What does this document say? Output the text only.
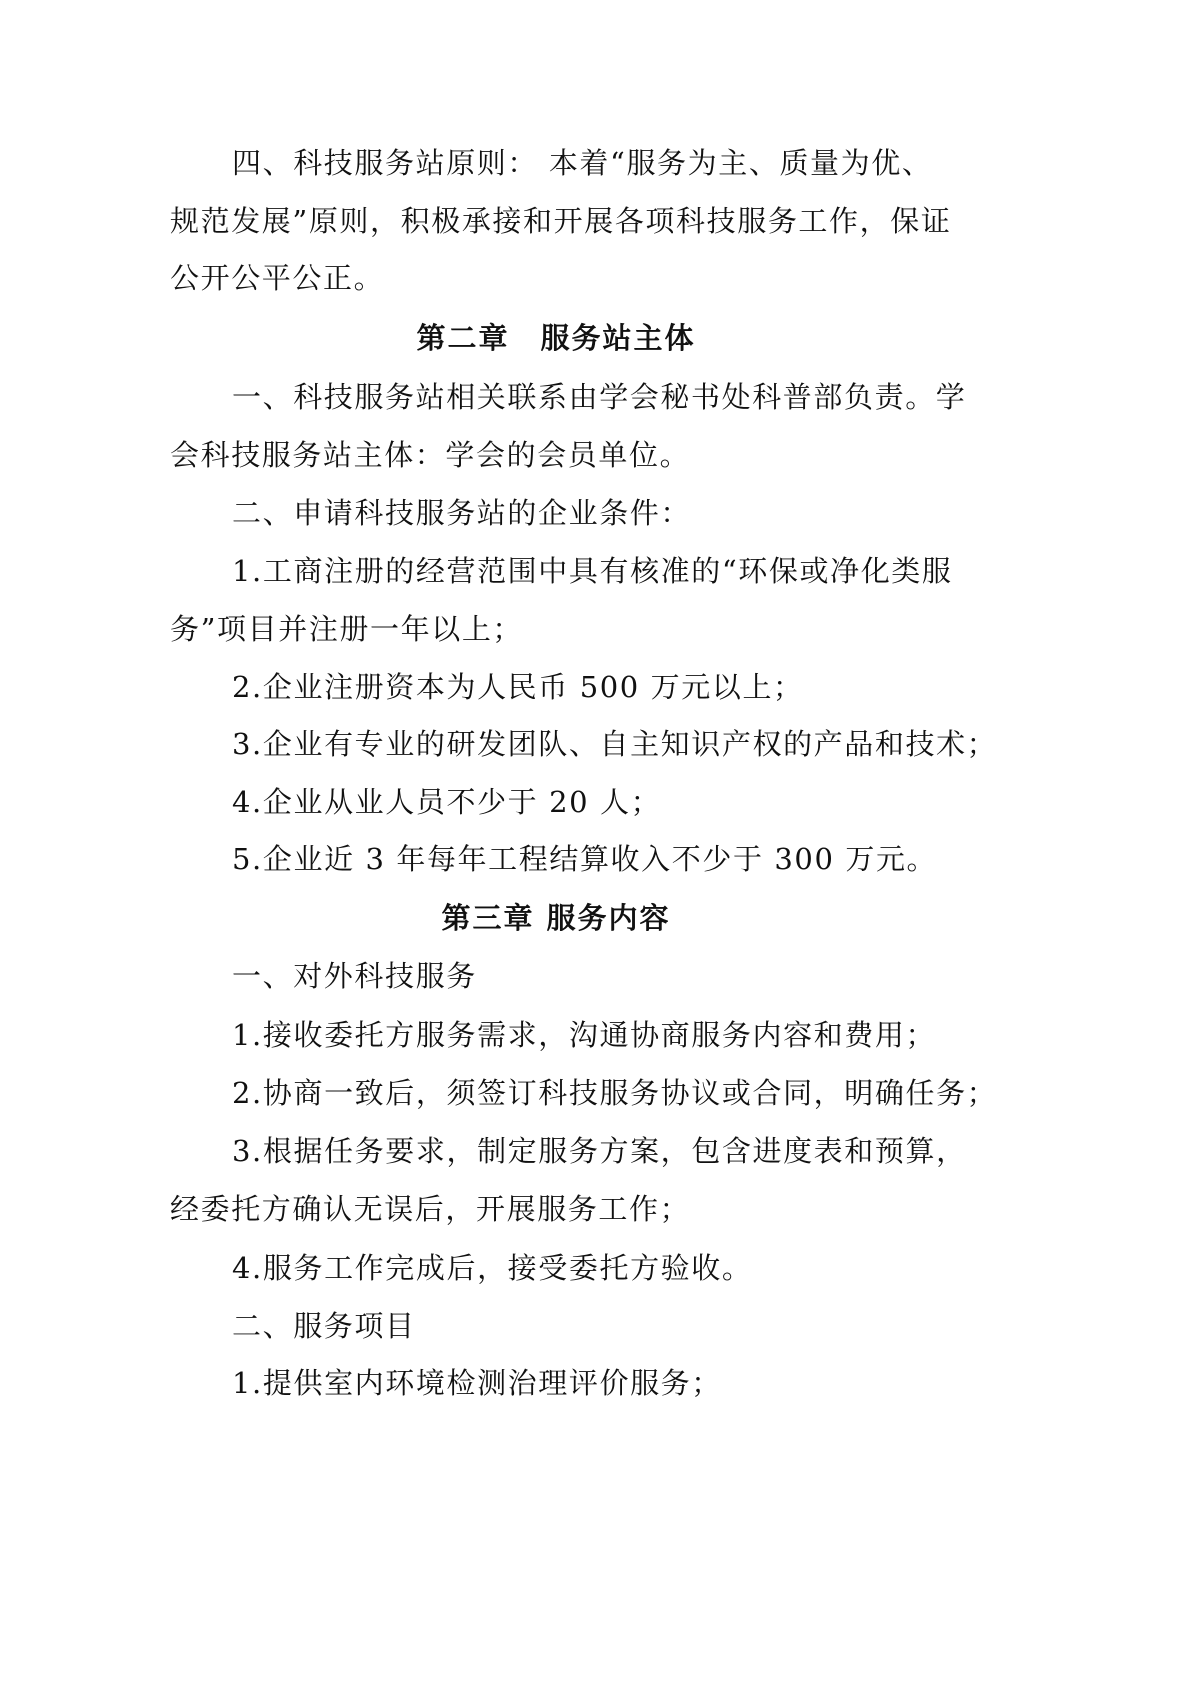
四、科技服务站原则： 本着“服务为主、质量为优、
规范发展”原则，积极承接和开展各项科技服务工作，保证
公开公平公正。
第二章　服务站主体
一、科技服务站相关联系由学会秘书处科普部负责。学
会科技服务站主体：学会的会员单位。
二、申请科技服务站的企业条件：
1.工商注册的经营范围中具有核准的“环保或净化类服
务”项目并注册一年以上；
2.企业注册资本为人民币 500 万元以上；
3.企业有专业的研发团队、自主知识产权的产品和技术；
4.企业从业人员不少于 20 人；
5.企业近 3 年每年工程结算收入不少于 300 万元。
第三章 服务内容
一、对外科技服务
1.接收委托方服务需求，沟通协商服务内容和费用；
2.协商一致后，须签订科技服务协议或合同，明确任务；
3.根据任务要求，制定服务方案，包含进度表和预算，
经委托方确认无误后，开展服务工作；
4.服务工作完成后，接受委托方验收。
二、服务项目
1.提供室内环境检测治理评价服务；
